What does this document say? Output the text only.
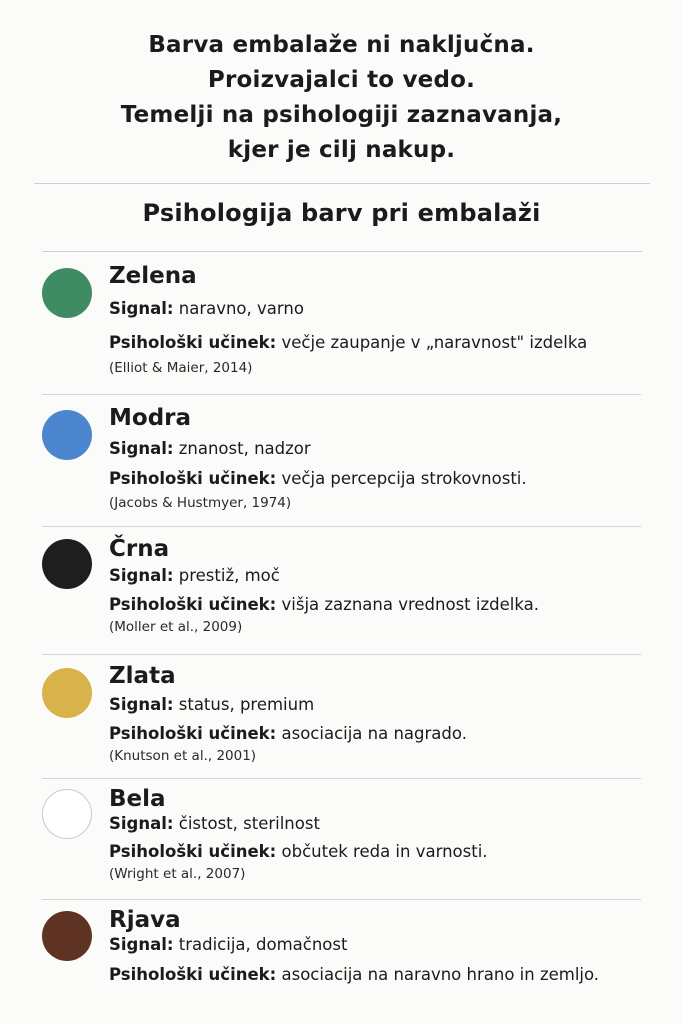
Barva embalaže ni naključna.
Proizvajalci to vedo.
Temelji na psihologiji zaznavanja,
kjer je cilj nakup.
Psihologija barv pri embalaži
Zelena
Signal: naravno, varno
Psihološki učinek: večje zaupanje v „naravnost" izdelka
(Elliot & Maier, 2014)
Modra
Signal: znanost, nadzor
Psihološki učinek: večja percepcija strokovnosti.
(Jacobs & Hustmyer, 1974)
Črna
Signal: prestiž, moč
Psihološki učinek: višja zaznana vrednost izdelka.
(Moller et al., 2009)
Zlata
Signal: status, premium
Psihološki učinek: asociacija na nagrado.
(Knutson et al., 2001)
Bela
Signal: čistost, sterilnost
Psihološki učinek: občutek reda in varnosti.
(Wright et al., 2007)
Rjava
Signal: tradicija, domačnost
Psihološki učinek: asociacija na naravno hrano in zemljo.
